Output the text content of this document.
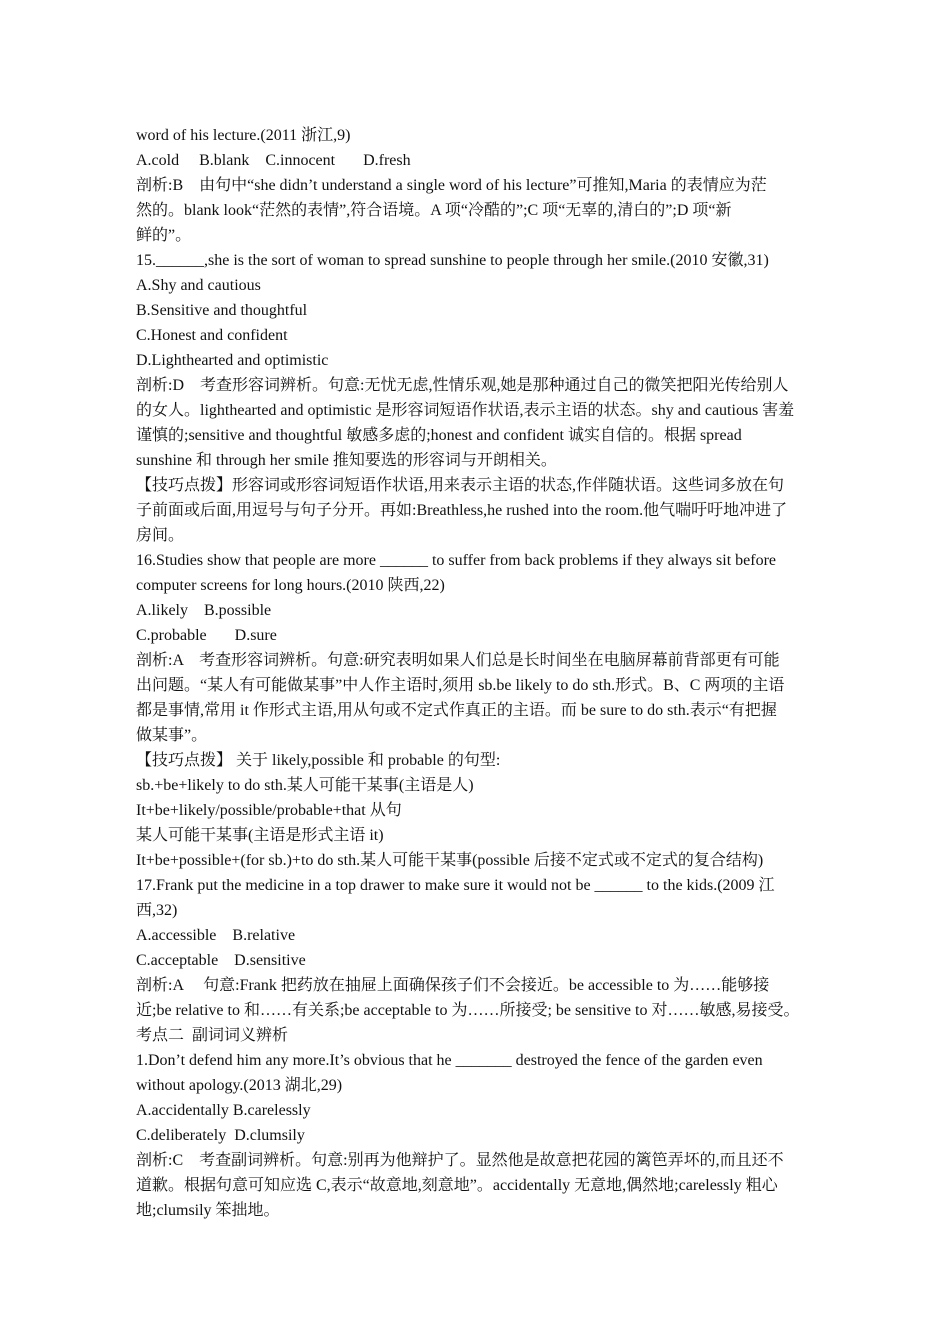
word of his lecture.(2011 浙江,9)
A.cold     B.blank    C.innocent       D.fresh
剖析:B    由句中“she didn’t understand a single word of his lecture”可推知,Maria 的表情应为茫
然的。blank look“茫然的表情”,符合语境。A 项“冷酷的”;C 项“无辜的,清白的”;D 项“新
鲜的”。
15.______,she is the sort of woman to spread sunshine to people through her smile.(2010 安徽,31)
A.Shy and cautious
B.Sensitive and thoughtful
C.Honest and confident
D.Lighthearted and optimistic
剖析:D    考查形容词辨析。句意:无忧无虑,性情乐观,她是那种通过自己的微笑把阳光传给别人
的女人。lighthearted and optimistic 是形容词短语作状语,表示主语的状态。shy and cautious 害羞
谨慎的;sensitive and thoughtful 敏感多虑的;honest and confident 诚实自信的。根据 spread
sunshine 和 through her smile 推知要选的形容词与开朗相关。
【技巧点拨】形容词或形容词短语作状语,用来表示主语的状态,作伴随状语。这些词多放在句
子前面或后面,用逗号与句子分开。再如:Breathless,he rushed into the room.他气喘吁吁地冲进了
房间。
16.Studies show that people are more ______ to suffer from back problems if they always sit before
computer screens for long hours.(2010 陕西,22)
A.likely    B.possible
C.probable       D.sure
剖析:A    考查形容词辨析。句意:研究表明如果人们总是长时间坐在电脑屏幕前背部更有可能
出问题。“某人有可能做某事”中人作主语时,须用 sb.be likely to do sth.形式。B、C 两项的主语
都是事情,常用 it 作形式主语,用从句或不定式作真正的主语。而 be sure to do sth.表示“有把握
做某事”。
【技巧点拨】 关于 likely,possible 和 probable 的句型:
sb.+be+likely to do sth.某人可能干某事(主语是人)
It+be+likely/possible/probable+that 从句
某人可能干某事(主语是形式主语 it)
It+be+possible+(for sb.)+to do sth.某人可能干某事(possible 后接不定式或不定式的复合结构)
17.Frank put the medicine in a top drawer to make sure it would not be ______ to the kids.(2009 江
西,32)
A.accessible    B.relative
C.acceptable    D.sensitive
剖析:A     句意:Frank 把药放在抽屉上面确保孩子们不会接近。be accessible to 为……能够接
近;be relative to 和……有关系;be acceptable to 为……所接受; be sensitive to 对……敏感,易接受。
考点二  副词词义辨析
1.Don’t defend him any more.It’s obvious that he _______ destroyed the fence of the garden even
without apology.(2013 湖北,29)
A.accidentally B.carelessly
C.deliberately  D.clumsily
剖析:C    考查副词辨析。句意:别再为他辩护了。显然他是故意把花园的篱笆弄坏的,而且还不
道歉。根据句意可知应选 C,表示“故意地,刻意地”。accidentally 无意地,偶然地;carelessly 粗心
地;clumsily 笨拙地。
